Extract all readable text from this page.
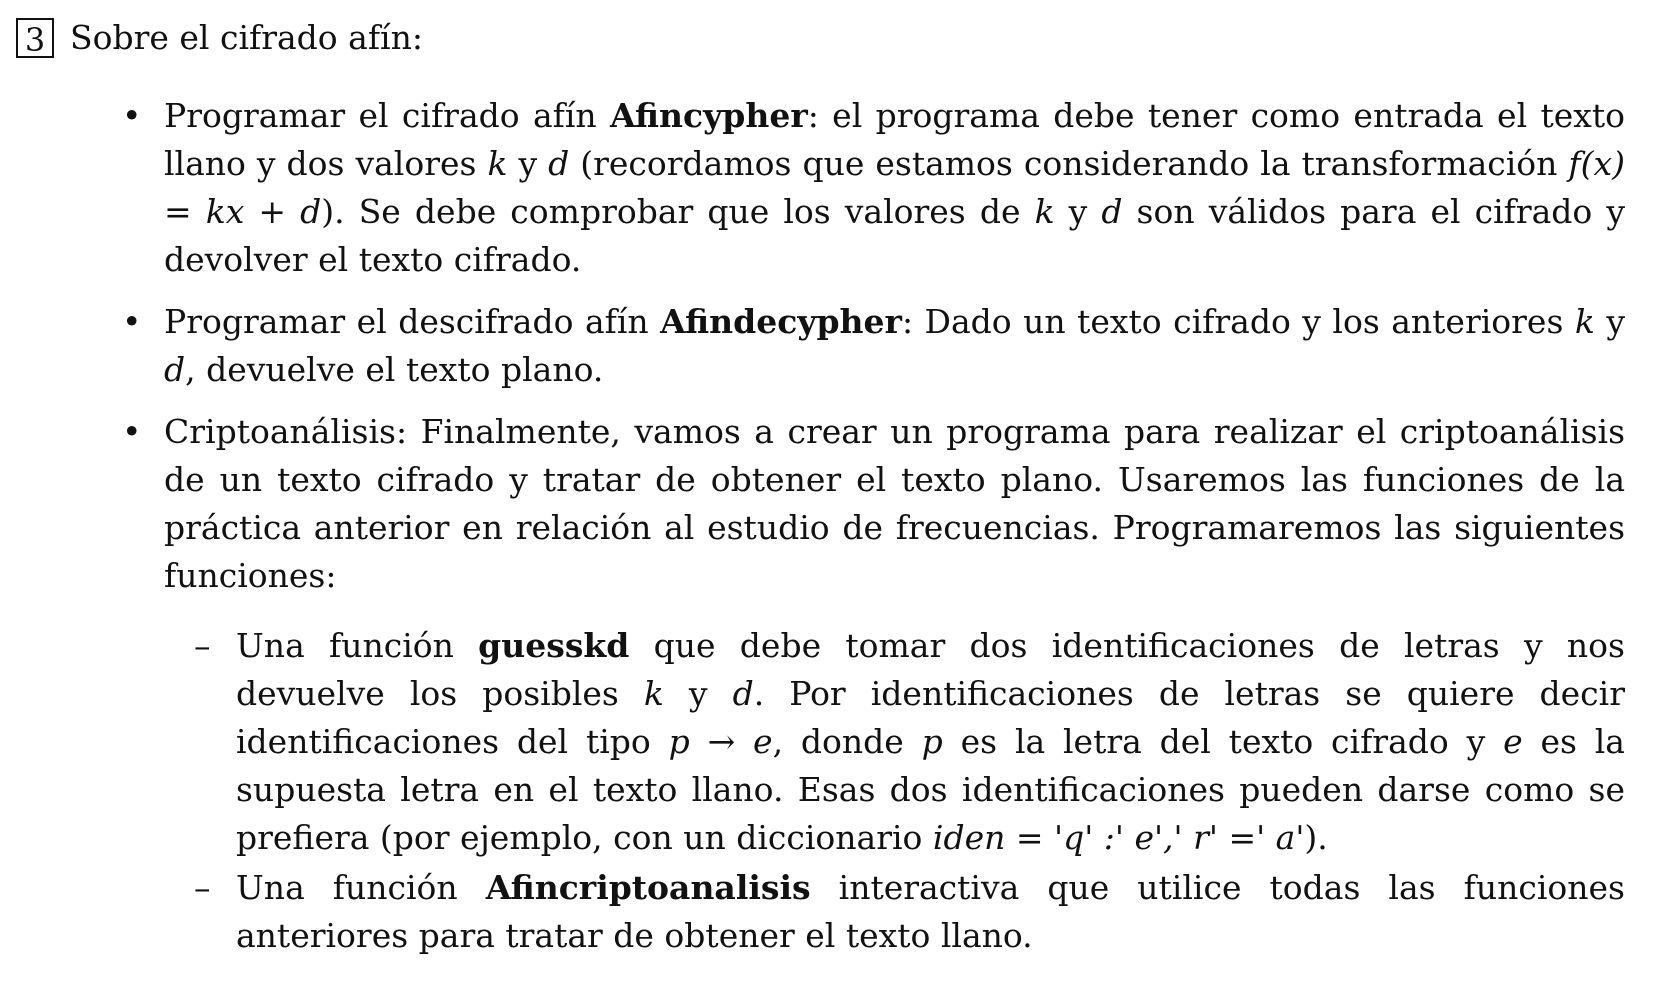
3 Sobre el cifrado afín:
• Programar el cifrado afín Afincypher: el programa debe tener como entrada el texto llano y dos valores k y d (recordamos que estamos considerando la transformación f(x) = kx + d). Se debe comprobar que los valores de k y d son válidos para el cifrado y devolver el texto cifrado.
• Programar el descifrado afín Afindecypher: Dado un texto cifrado y los anteriores k y d, devuelve el texto plano.
• Criptoanálisis: Finalmente, vamos a crear un programa para realizar el criptoanálisis de un texto cifrado y tratar de obtener el texto plano. Usaremos las funciones de la práctica anterior en relación al estudio de frecuencias. Programaremos las siguientes funciones:
– Una función guesskd que debe tomar dos identificaciones de letras y nos devuelve los posibles k y d. Por identificaciones de letras se quiere decir identificaciones del tipo p → e, donde p es la letra del texto cifrado y e es la supuesta letra en el texto llano. Esas dos identificaciones pueden darse como se prefiera (por ejemplo, con un diccionario iden = 'q' :' e',' r' =' a').
– Una función Afincriptoanalisis interactiva que utilice todas las funciones anteriores para tratar de obtener el texto llano.
